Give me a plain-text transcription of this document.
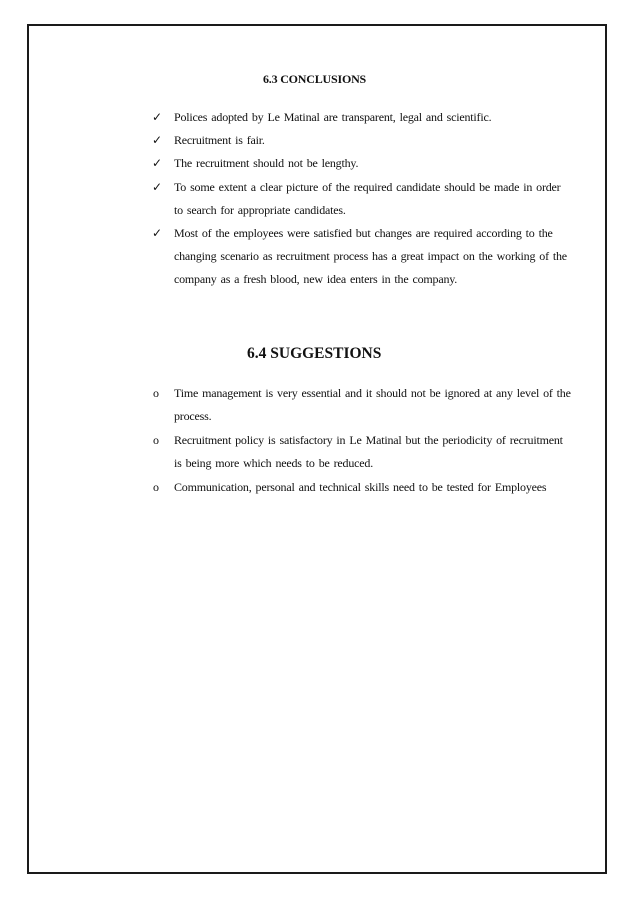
6.3 CONCLUSIONS
✓ Polices adopted by Le Matinal are transparent, legal and scientific.
✓ Recruitment is fair.
✓ The recruitment should not be lengthy.
✓ To some extent a clear picture of the required candidate should be made in order to search for appropriate candidates.
✓ Most of the employees were satisfied but changes are required according to the changing scenario as recruitment process has a great impact on the working of the company as a fresh blood, new idea enters in the company.
6.4 SUGGESTIONS
o Time management is very essential and it should not be ignored at any level of the process.
o Recruitment policy is satisfactory in Le Matinal but the periodicity of recruitment is being more which needs to be reduced.
o Communication, personal and technical skills need to be tested for Employees
